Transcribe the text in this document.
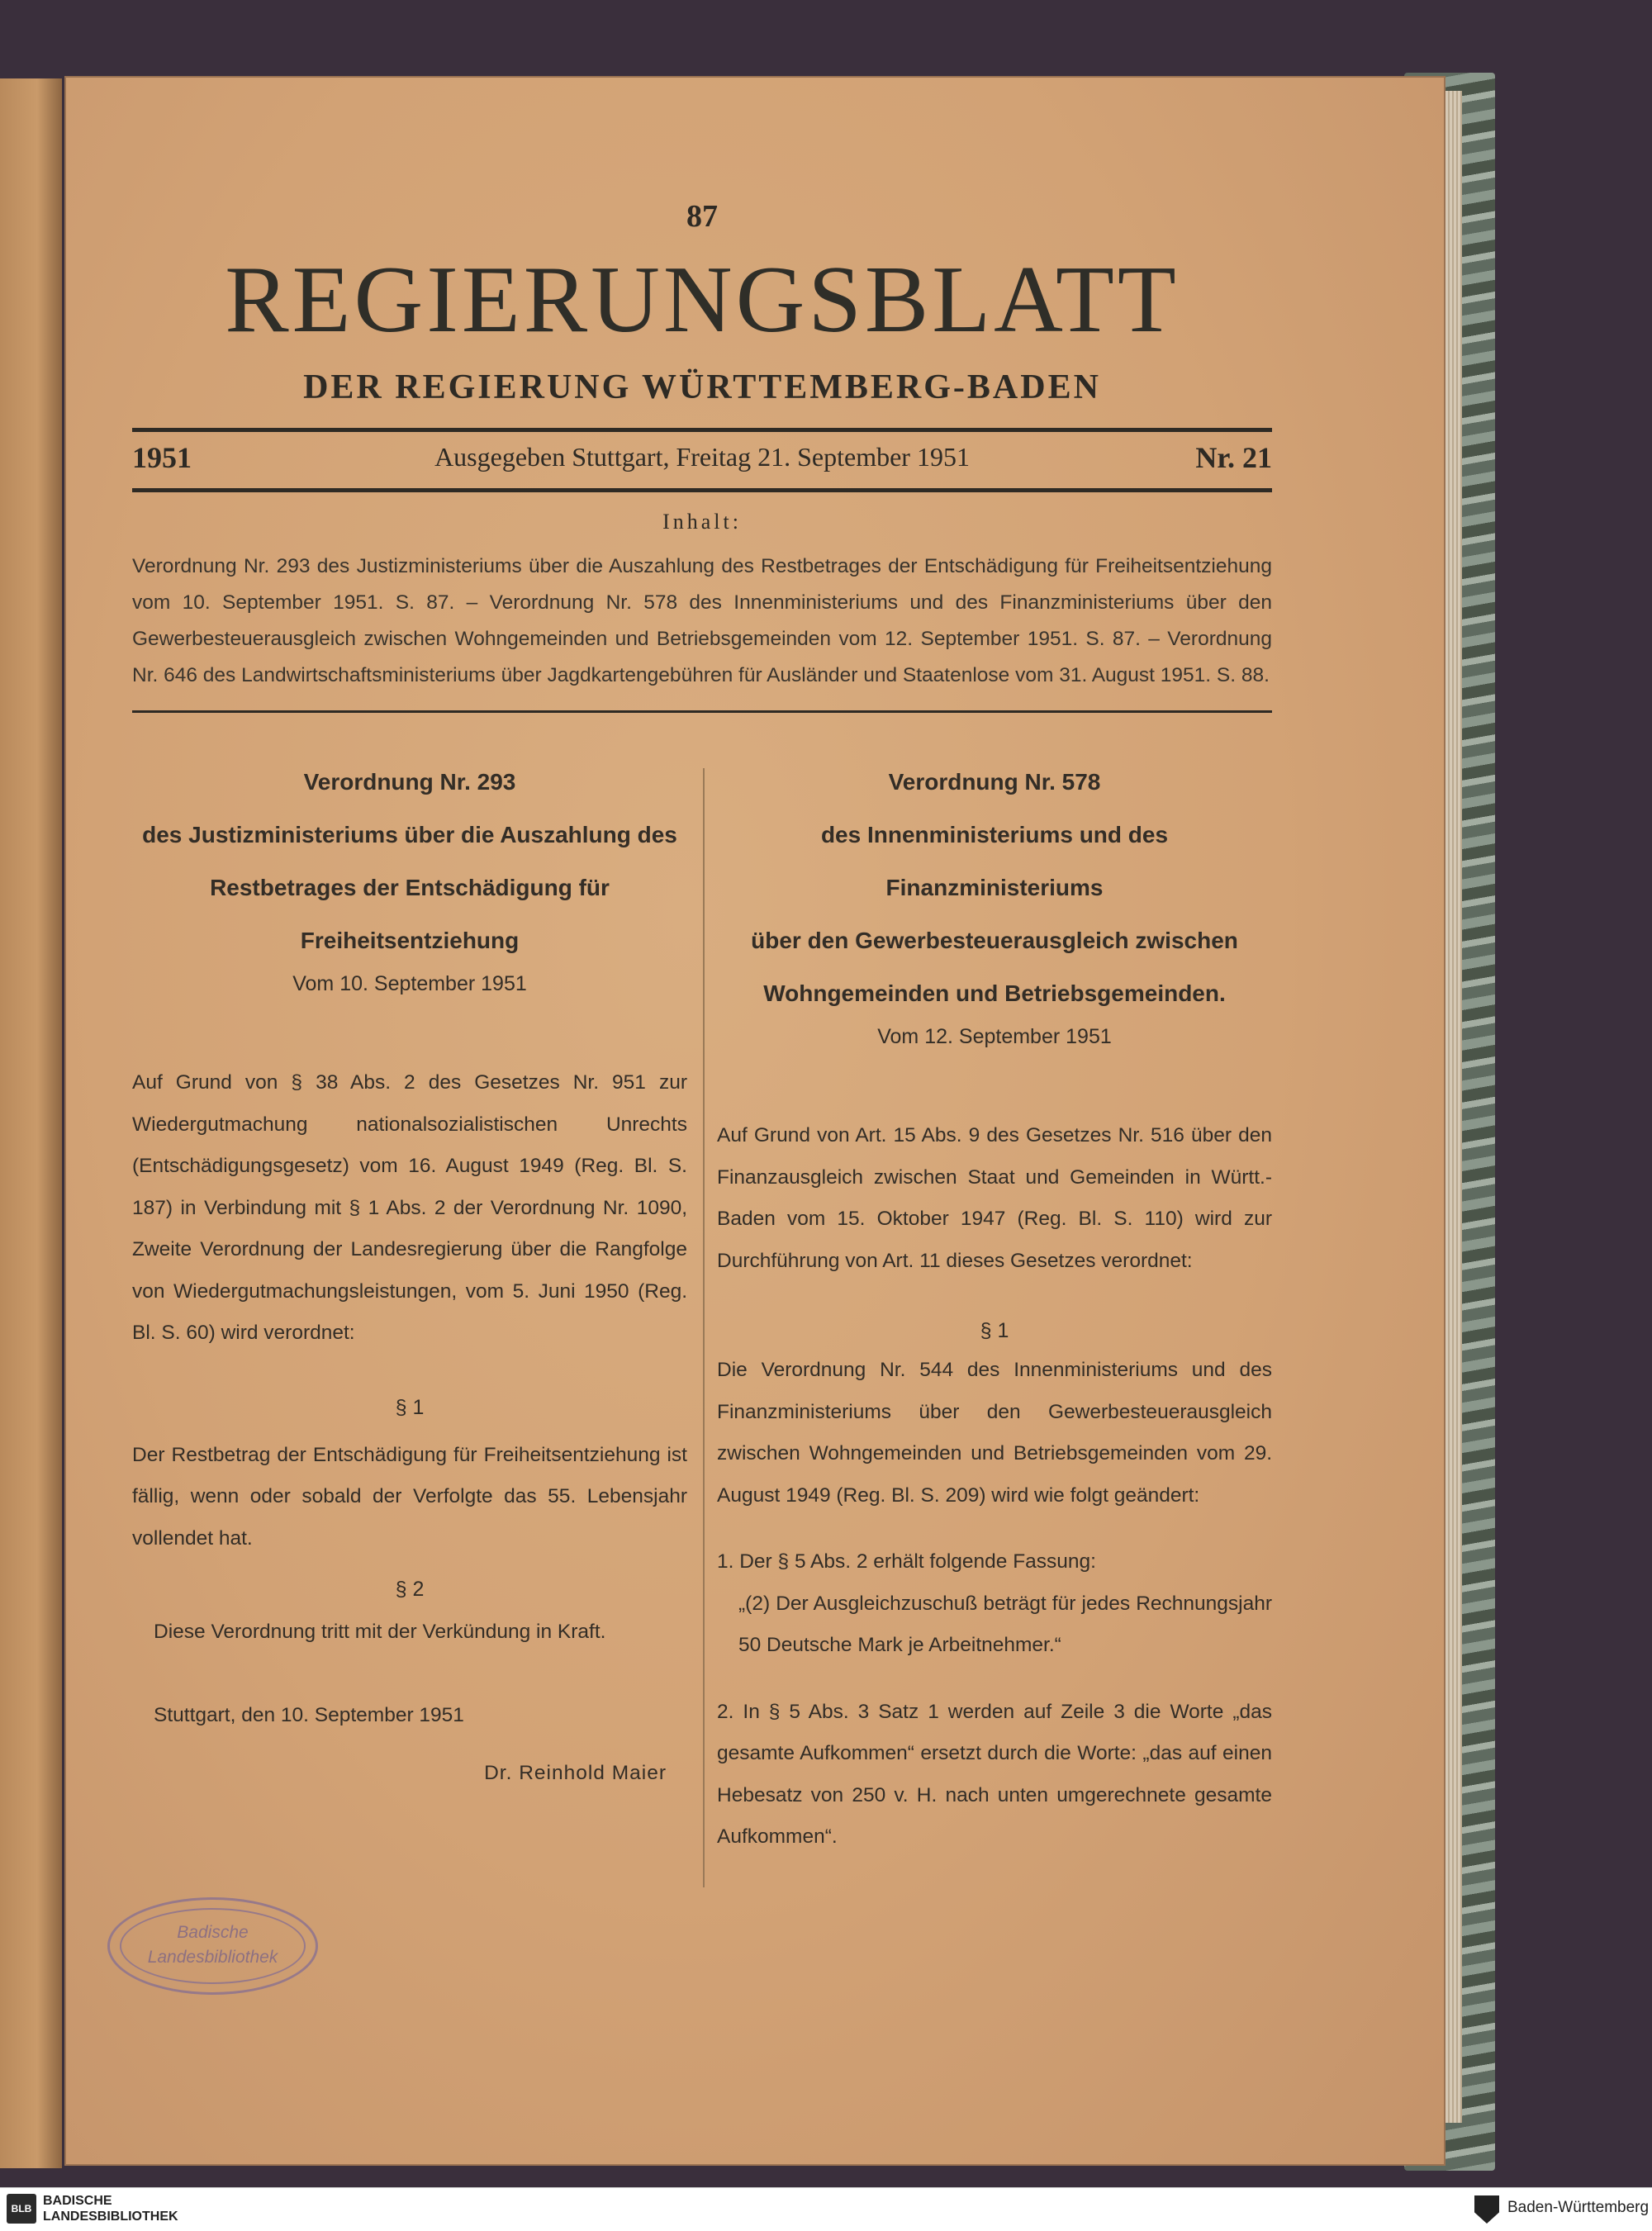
87
REGIERUNGSBLATT
DER REGIERUNG WÜRTTEMBERG-BADEN
1951	Ausgegeben Stuttgart, Freitag 21. September 1951	Nr. 21
Inhalt:
Verordnung Nr. 293 des Justizministeriums über die Auszahlung des Restbetrages der Entschädigung für Freiheitsentziehung vom 10. September 1951. S. 87. – Verordnung Nr. 578 des Innenministeriums und des Finanzministeriums über den Gewerbesteuerausgleich zwischen Wohngemeinden und Betriebsgemeinden vom 12. September 1951. S. 87. – Verordnung Nr. 646 des Landwirtschaftsministeriums über Jagdkartengebühren für Ausländer und Staatenlose vom 31. August 1951. S. 88.
Verordnung Nr. 293
des Justizministeriums über die Auszahlung des
Restbetrages der Entschädigung für
Freiheitsentziehung
Vom 10. September 1951
Auf Grund von § 38 Abs. 2 des Gesetzes Nr. 951 zur Wiedergutmachung nationalsozialistischen Unrechts (Entschädigungsgesetz) vom 16. August 1949 (Reg. Bl. S. 187) in Verbindung mit § 1 Abs. 2 der Verordnung Nr. 1090, Zweite Verordnung der Landesregierung über die Rangfolge von Wiedergutmachungsleistungen, vom 5. Juni 1950 (Reg. Bl. S. 60) wird verordnet:
§ 1
Der Restbetrag der Entschädigung für Freiheitsentziehung ist fällig, wenn oder sobald der Verfolgte das 55. Lebensjahr vollendet hat.
§ 2
Diese Verordnung tritt mit der Verkündung in Kraft.
Stuttgart, den 10. September 1951
Dr. Reinhold Maier
Verordnung Nr. 578
des Innenministeriums und des Finanzministeriums
über den Gewerbesteuerausgleich zwischen
Wohngemeinden und Betriebsgemeinden.
Vom 12. September 1951
Auf Grund von Art. 15 Abs. 9 des Gesetzes Nr. 516 über den Finanzausgleich zwischen Staat und Gemeinden in Württ.-Baden vom 15. Oktober 1947 (Reg. Bl. S. 110) wird zur Durchführung von Art. 11 dieses Gesetzes verordnet:
§ 1
Die Verordnung Nr. 544 des Innenministeriums und des Finanzministeriums über den Gewerbesteuerausgleich zwischen Wohngemeinden und Betriebsgemeinden vom 29. August 1949 (Reg. Bl. S. 209) wird wie folgt geändert:
1. Der § 5 Abs. 2 erhält folgende Fassung:
„(2) Der Ausgleichzuschuß beträgt für jedes Rechnungsjahr 50 Deutsche Mark je Arbeitnehmer.“
2. In § 5 Abs. 3 Satz 1 werden auf Zeile 3 die Worte „das gesamte Aufkommen“ ersetzt durch die Worte: „das auf einen Hebesatz von 250 v. H. nach unten umgerechnete gesamte Aufkommen“.
Badische
Landesbibliothek
BLB
BADISCHE
LANDESBIBLIOTHEK
Baden-Württemberg
